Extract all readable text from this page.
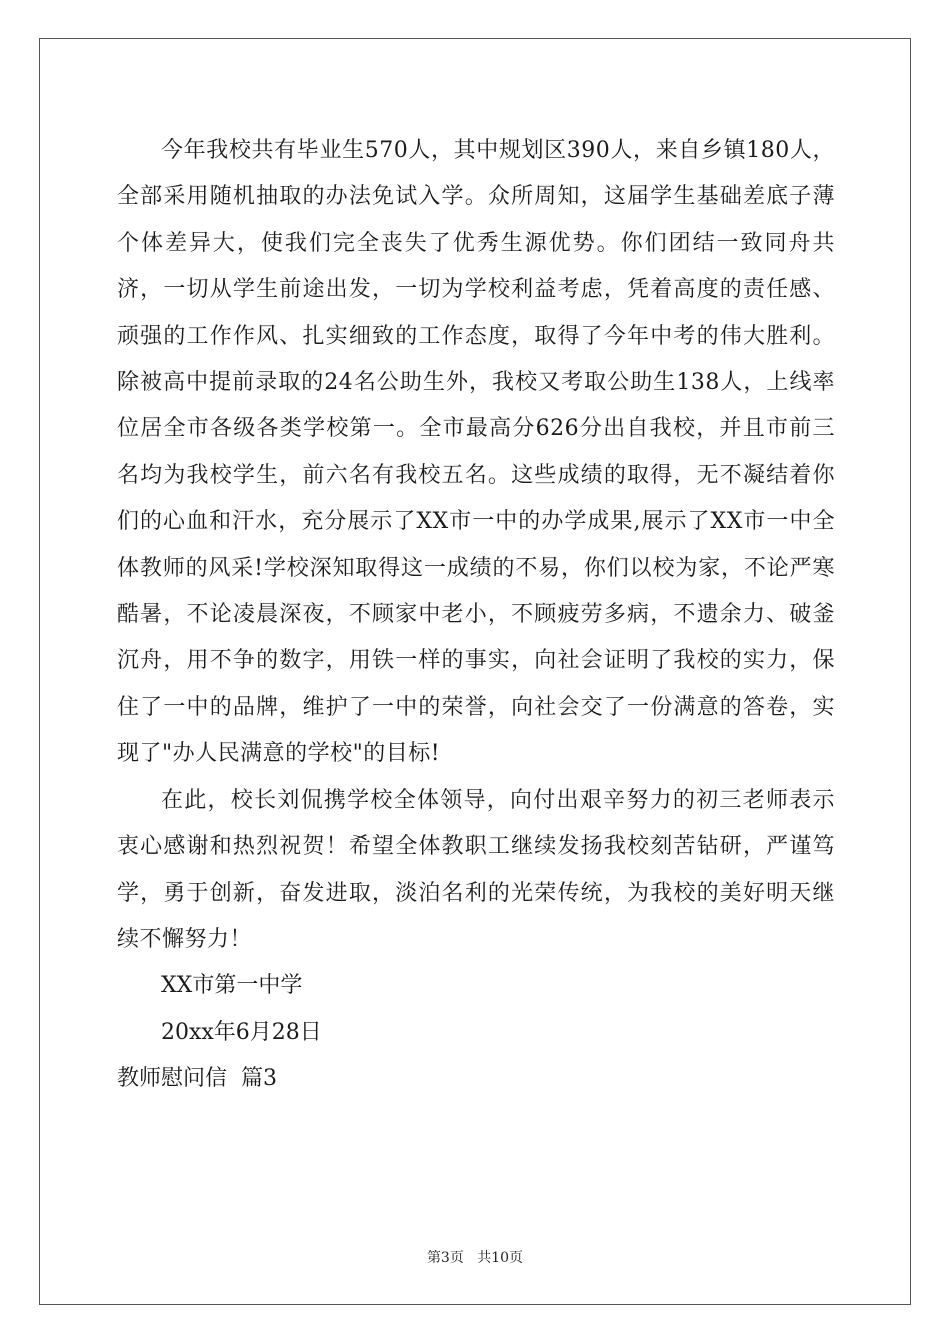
今年我校共有毕业生570人，其中规划区390人，来自乡镇180人，全部采用随机抽取的办法免试入学。众所周知，这届学生基础差底子薄个体差异大，使我们完全丧失了优秀生源优势。你们团结一致同舟共济，一切从学生前途出发，一切为学校利益考虑，凭着高度的责任感、顽强的工作作风、扎实细致的工作态度，取得了今年中考的伟大胜利。除被高中提前录取的24名公助生外，我校又考取公助生138人，上线率位居全市各级各类学校第一。全市最高分626分出自我校，并且市前三名均为我校学生，前六名有我校五名。这些成绩的取得，无不凝结着你们的心血和汗水，充分展示了XX市一中的办学成果,展示了XX市一中全体教师的风采!学校深知取得这一成绩的不易，你们以校为家，不论严寒酷暑，不论凌晨深夜，不顾家中老小，不顾疲劳多病，不遗余力、破釜沉舟，用不争的数字，用铁一样的事实，向社会证明了我校的实力，保住了一中的品牌，维护了一中的荣誉，向社会交了一份满意的答卷，实现了"办人民满意的学校"的目标!

在此，校长刘侃携学校全体领导，向付出艰辛努力的初三老师表示衷心感谢和热烈祝贺！希望全体教职工继续发扬我校刻苦钻研，严谨笃学，勇于创新，奋发进取，淡泊名利的光荣传统，为我校的美好明天继续不懈努力！

XX市第一中学

20xx年6月28日

教师慰问信  篇3

第3页 共10页
